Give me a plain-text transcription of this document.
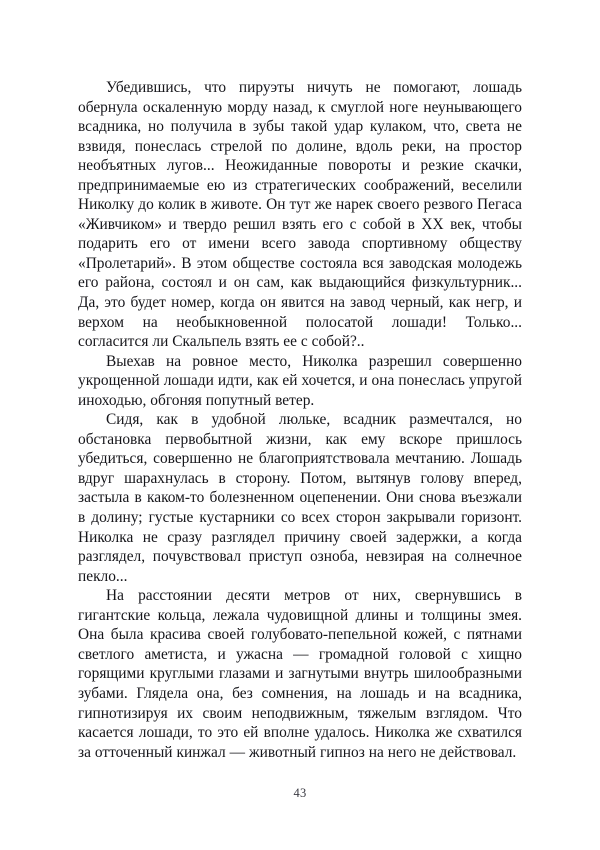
Убедившись, что пируэты ничуть не помогают, лошадь обернула оскаленную морду назад, к смуглой ноге неунывающего всадника, но получила в зубы такой удар кулаком, что, света не взвидя, понеслась стрелой по долине, вдоль реки, на простор необъятных лугов... Неожиданные повороты и резкие скачки, предпринимаемые ею из стратегических соображений, веселили Николку до колик в животе. Он тут же нарек своего резвого Пегаса «Живчиком» и твердо решил взять его с собой в XX век, чтобы подарить его от имени всего завода спортивному обществу «Пролетарий». В этом обществе состояла вся заводская молодежь его района, состоял и он сам, как выдающийся физкультурник... Да, это будет номер, когда он явится на завод черный, как негр, и верхом на необыкновенной полосатой лошади! Только... согласится ли Скальпель взять ее с собой?..

Выехав на ровное место, Николка разрешил совершенно укрощенной лошади идти, как ей хочется, и она понеслась упругой иноходью, обгоняя попутный ветер.

Сидя, как в удобной люльке, всадник размечтался, но обстановка первобытной жизни, как ему вскоре пришлось убедиться, совершенно не благоприятствовала мечтанию. Лошадь вдруг шарахнулась в сторону. Потом, вытянув голову вперед, застыла в каком-то болезненном оцепенении. Они снова въезжали в долину; густые кустарники со всех сторон закрывали горизонт. Николка не сразу разглядел причину своей задержки, а когда разглядел, почувствовал приступ озноба, невзирая на солнечное пекло...

На расстоянии десяти метров от них, свернувшись в гигантские кольца, лежала чудовищной длины и толщины змея. Она была красива своей голубовато-пепельной кожей, с пятнами светлого аметиста, и ужасна — громадной головой с хищно горящими круглыми глазами и загнутыми внутрь шилообразными зубами. Глядела она, без сомнения, на лошадь и на всадника, гипнотизируя их своим неподвижным, тяжелым взглядом. Что касается лошади, то это ей вполне удалось. Николка же схватился за отточенный кинжал — животный гипноз на него не действовал.

43
